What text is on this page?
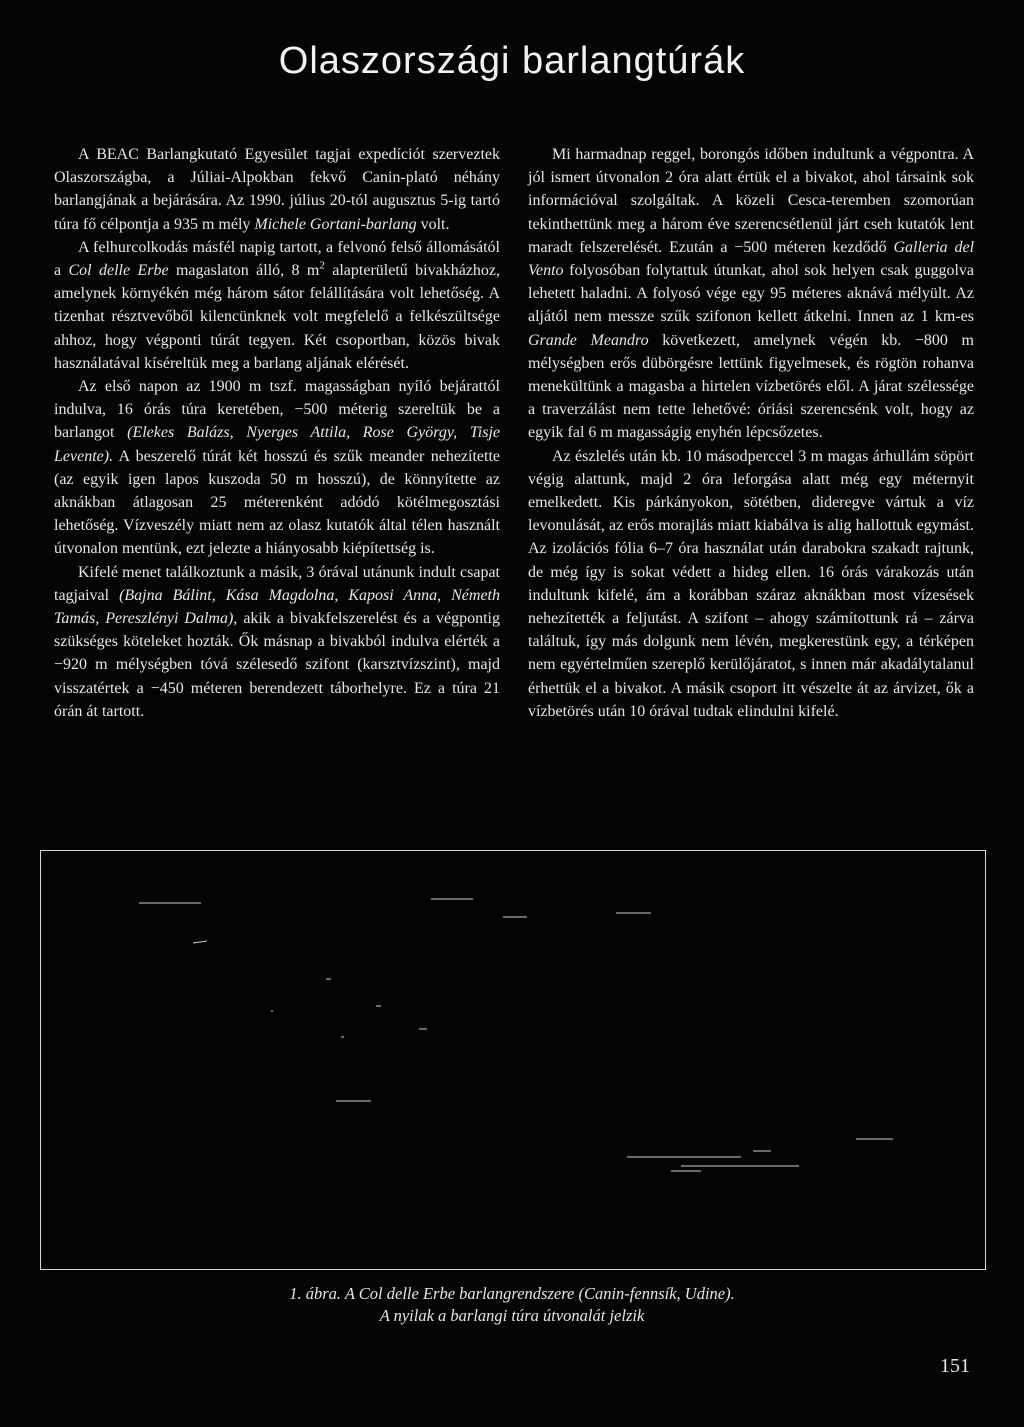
Olaszországi barlangtúrák

A BEAC Barlangkutató Egyesület tagjai expedíciót szerveztek Olaszországba, a Júliai-Alpokban fekvő Canin-plató néhány barlangjának a bejárására. Az 1990. július 20-tól augusztus 5-ig tartó túra fő célpontja a 935 m mély Michele Gortani-barlang volt.

A felhurcolkodás másfél napig tartott, a felvonó felső állomásától a Col delle Erbe magaslaton álló, 8 $m^2$ alapterületű bivakházhoz, amelynek környékén még három sátor felállítására volt lehetőség. A tizenhat résztvevőből kilencünknek volt megfelelő a felkészültsége ahhoz, hogy végponti túrát tegyen. Két csoportban, közös bivak használatával kíséreltük meg a barlang aljának elérését.

Az első napon az 1900 m tszf. magasságban nyíló bejárattól indulva, 16 órás túra keretében, −500 méterig szereltük be a barlangot (Elekes Balázs, Nyerges Attila, Rose György, Tisje Levente). A beszerelő túrát két hosszú és szűk meander nehezítette (az egyik igen lapos kuszoda 50 m hosszú), de könnyítette az aknákban átlagosan 25 méterenként adódó kötélmegosztási lehetőség. Vízveszély miatt nem az olasz kutatók által télen használt útvonalon mentünk, ezt jelezte a hiányosabb kiépítettség is.

Kifelé menet találkoztunk a másik, 3 órával utánunk indult csapat tagjaival (Bajna Bálint, Kása Magdolna, Kaposi Anna, Németh Tamás, Pereszlényi Dalma), akik a bivakfelszerelést és a végpontig szükséges köteleket hozták. Ők másnap a bivakból indulva elérték a −920 m mélységben tóvá szélesedő szifont (karsztvízszint), majd visszatértek a −450 méteren berendezett táborhelyre. Ez a túra 21 órán át tartott.

Mi harmadnap reggel, borongós időben indultunk a végpontra. A jól ismert útvonalon 2 óra alatt értük el a bivakot, ahol társaink sok információval szolgáltak. A közeli Cesca-teremben szomorúan tekinthettünk meg a három éve szerencsétlenül járt cseh kutatók lent maradt felszerelését. Ezután a −500 méteren kezdődő Galleria del Vento folyosóban folytattuk útunkat, ahol sok helyen csak guggolva lehetett haladni. A folyosó vége egy 95 méteres aknává mélyült. Az aljától nem messze szűk szifonon kellett átkelni. Innen az 1 km-es Grande Meandro következett, amelynek végén kb. −800 m mélységben erős dübörgésre lettünk figyelmesek, és rögtön rohanva menekültünk a magasba a hirtelen vízbetörés elől. A járat szélessége a traverzálást nem tette lehetővé: óriási szerencsénk volt, hogy az egyik fal 6 m magasságig enyhén lépcsőzetes.

Az észlelés után kb. 10 másodperccel 3 m magas árhullám söpört végig alattunk, majd 2 óra leforgása alatt még egy méternyit emelkedett. Kis párkányokon, sötétben, dideregve vártuk a víz levonulását, az erős morajlás miatt kiabálva is alig hallottuk egymást. Az izolációs fólia 6–7 óra használat után darabokra szakadt rajtunk, de még így is sokat védett a hideg ellen. 16 órás várakozás után indultunk kifelé, ám a korábban száraz aknákban most vízesések nehezítették a feljutást. A szifont – ahogy számítottunk rá – zárva találtuk, így más dolgunk nem lévén, megkerestünk egy, a térképen nem egyértelműen szereplő kerülőjáratot, s innen már akadálytalanul érhettük el a bivakot. A másik csoport itt vészelte át az árvizet, ők a vízbetörés után 10 órával tudtak elindulni kifelé.

1. ábra. A Col delle Erbe barlangrendszere (Canin-fennsík, Udine).
A nyilak a barlangi túra útvonalát jelzik
151
